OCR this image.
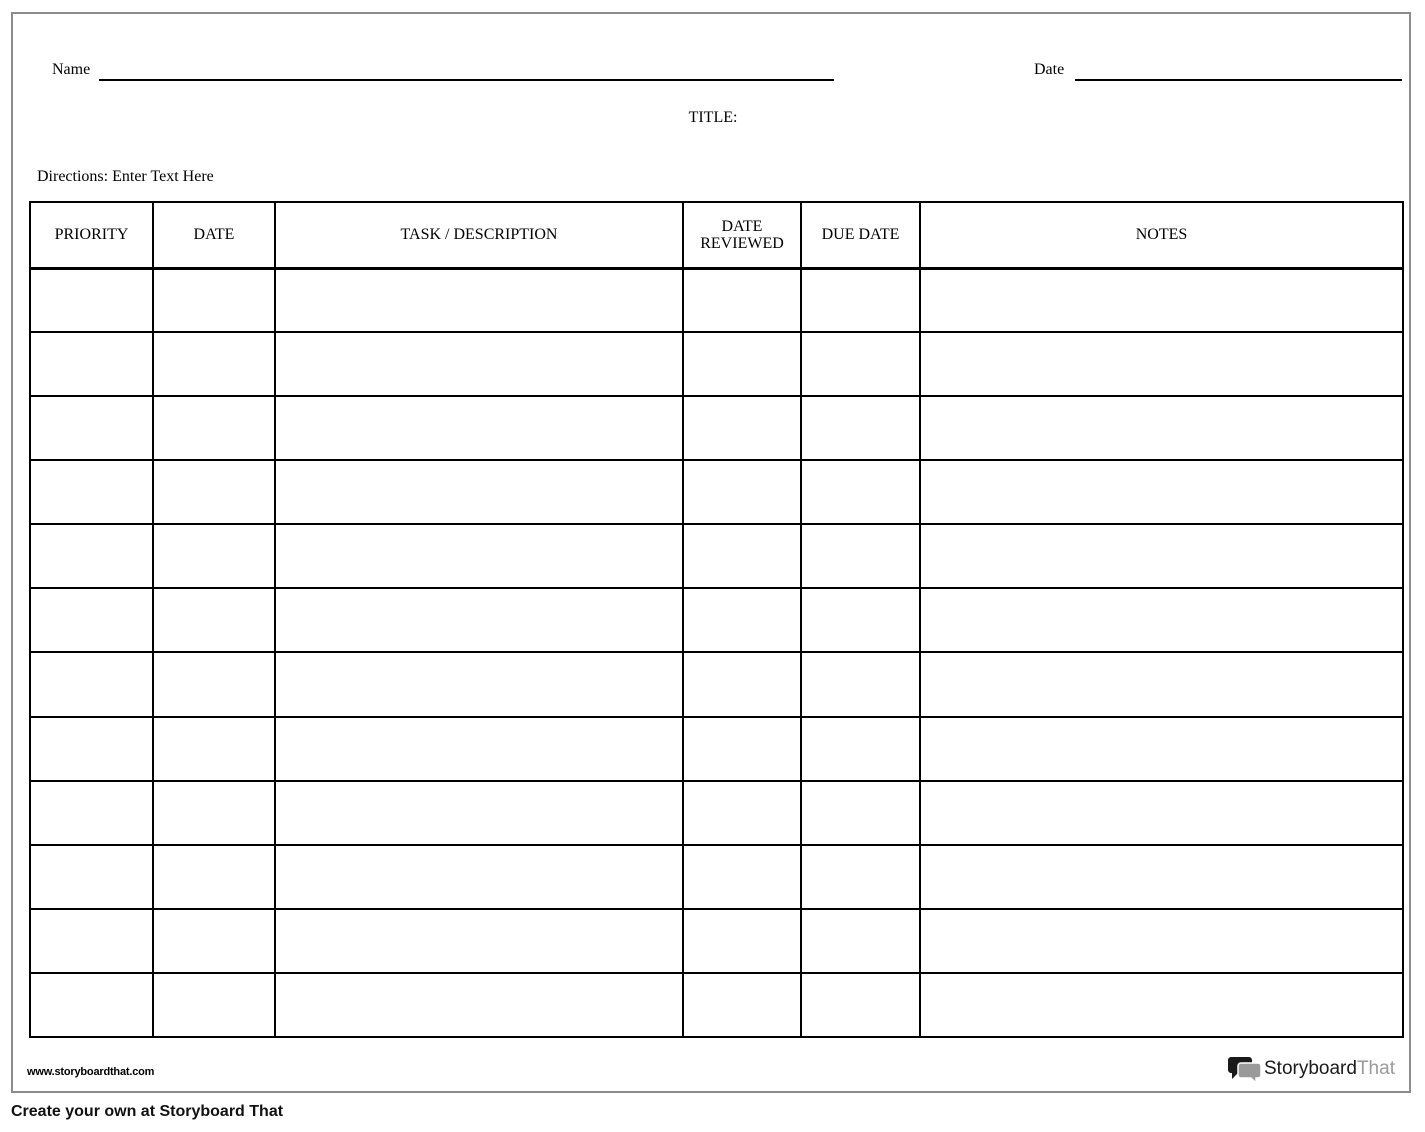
Name	Date
TITLE:
Directions: Enter Text Here
PRIORITY	DATE	TASK / DESCRIPTION	DATE REVIEWED	DUE DATE	NOTES

www.storyboardthat.com	Storyboard That
Create your own at Storyboard That
